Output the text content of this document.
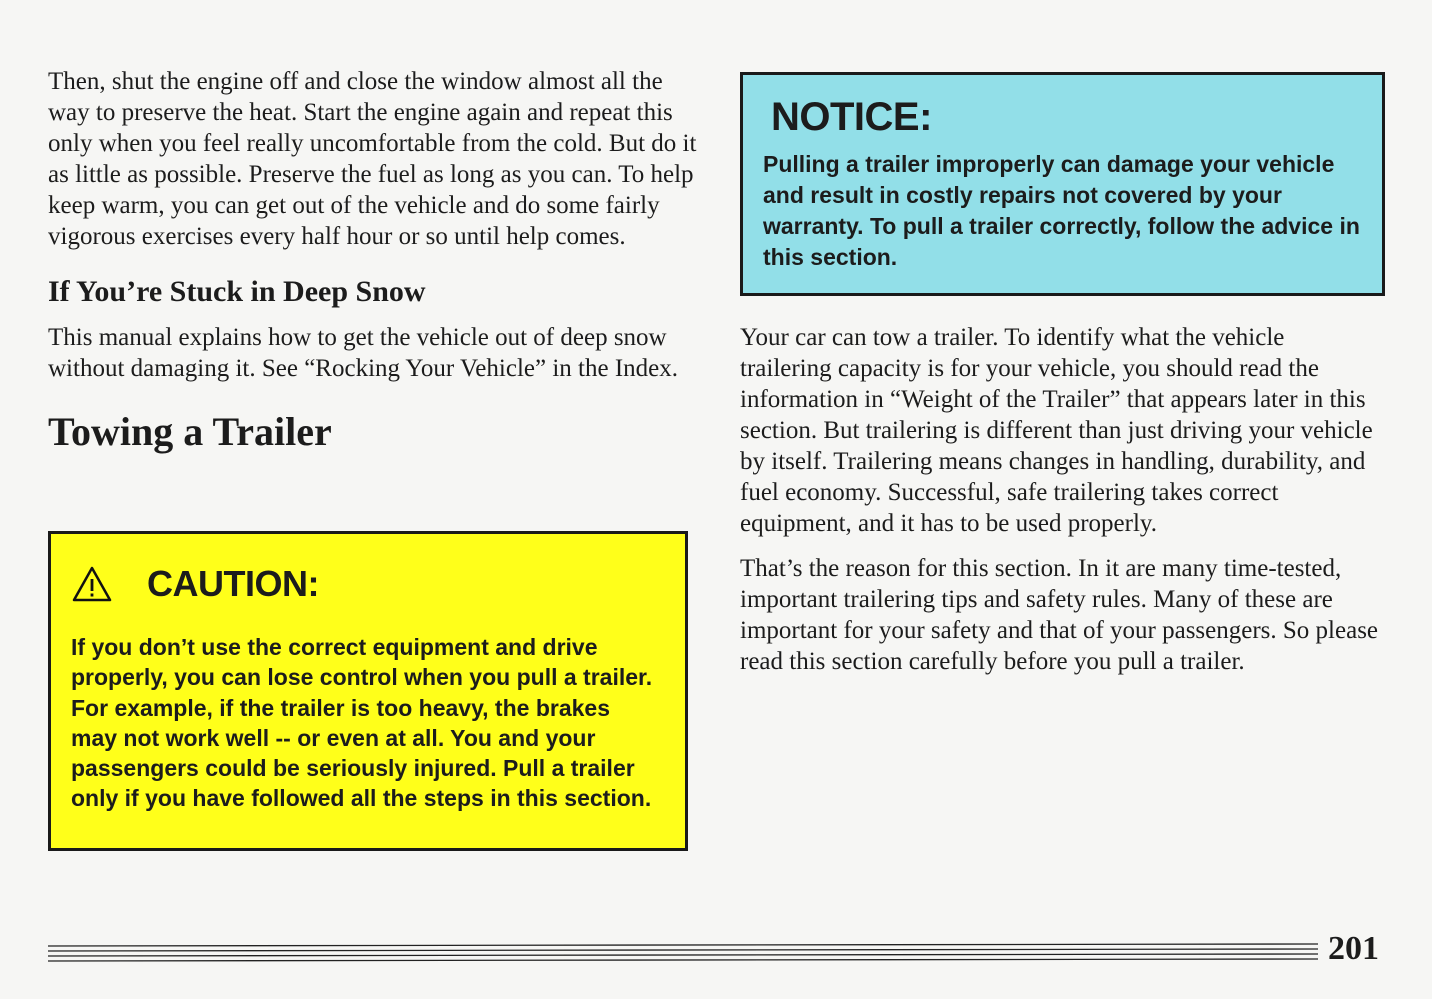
Then, shut the engine off and close the window almost all the way to preserve the heat. Start the engine again and repeat this only when you feel really uncomfortable from the cold. But do it as little as possible. Preserve the fuel as long as you can. To help keep warm, you can get out of the vehicle and do some fairly vigorous exercises every half hour or so until help comes.

If You’re Stuck in Deep Snow

This manual explains how to get the vehicle out of deep snow without damaging it. See “Rocking Your Vehicle” in the Index.

Towing a Trailer
CAUTION:

If you don’t use the correct equipment and drive properly, you can lose control when you pull a trailer. For example, if the trailer is too heavy, the brakes may not work well -- or even at all. You and your passengers could be seriously injured. Pull a trailer only if you have followed all the steps in this section.

NOTICE:

Pulling a trailer improperly can damage your vehicle and result in costly repairs not covered by your warranty. To pull a trailer correctly, follow the advice in this section.

Your car can tow a trailer. To identify what the vehicle trailering capacity is for your vehicle, you should read the information in “Weight of the Trailer” that appears later in this section. But trailering is different than just driving your vehicle by itself. Trailering means changes in handling, durability, and fuel economy. Successful, safe trailering takes correct equipment, and it has to be used properly.

That’s the reason for this section. In it are many time-tested, important trailering tips and safety rules. Many of these are important for your safety and that of your passengers. So please read this section carefully before you pull a trailer.

201
